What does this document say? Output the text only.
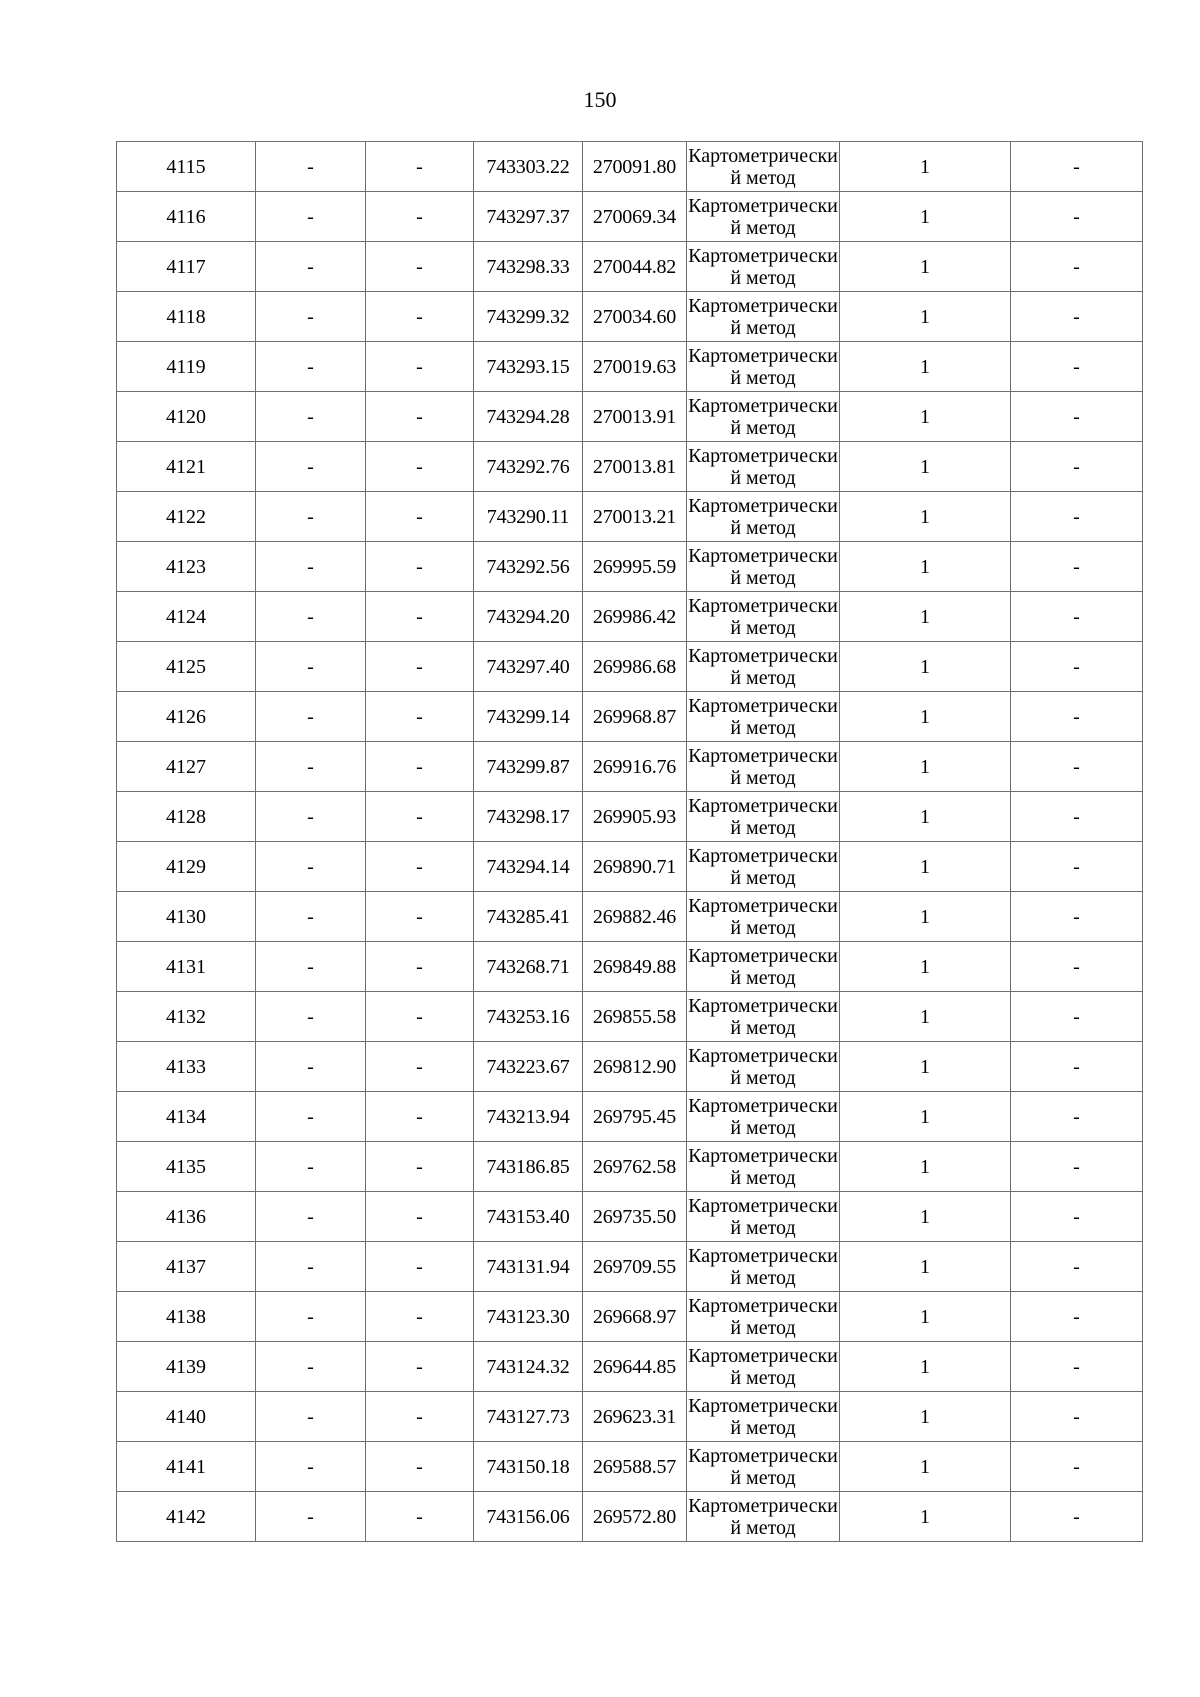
150
4115	-	-	743303.22	270091.80	Картометрический метод	1	-
4116	-	-	743297.37	270069.34	Картометрический метод	1	-
4117	-	-	743298.33	270044.82	Картометрический метод	1	-
4118	-	-	743299.32	270034.60	Картометрический метод	1	-
4119	-	-	743293.15	270019.63	Картометрический метод	1	-
4120	-	-	743294.28	270013.91	Картометрический метод	1	-
4121	-	-	743292.76	270013.81	Картометрический метод	1	-
4122	-	-	743290.11	270013.21	Картометрический метод	1	-
4123	-	-	743292.56	269995.59	Картометрический метод	1	-
4124	-	-	743294.20	269986.42	Картометрический метод	1	-
4125	-	-	743297.40	269986.68	Картометрический метод	1	-
4126	-	-	743299.14	269968.87	Картометрический метод	1	-
4127	-	-	743299.87	269916.76	Картометрический метод	1	-
4128	-	-	743298.17	269905.93	Картометрический метод	1	-
4129	-	-	743294.14	269890.71	Картометрический метод	1	-
4130	-	-	743285.41	269882.46	Картометрический метод	1	-
4131	-	-	743268.71	269849.88	Картометрический метод	1	-
4132	-	-	743253.16	269855.58	Картометрический метод	1	-
4133	-	-	743223.67	269812.90	Картометрический метод	1	-
4134	-	-	743213.94	269795.45	Картометрический метод	1	-
4135	-	-	743186.85	269762.58	Картометрический метод	1	-
4136	-	-	743153.40	269735.50	Картометрический метод	1	-
4137	-	-	743131.94	269709.55	Картометрический метод	1	-
4138	-	-	743123.30	269668.97	Картометрический метод	1	-
4139	-	-	743124.32	269644.85	Картометрический метод	1	-
4140	-	-	743127.73	269623.31	Картометрический метод	1	-
4141	-	-	743150.18	269588.57	Картометрический метод	1	-
4142	-	-	743156.06	269572.80	Картометрический метод	1	-
